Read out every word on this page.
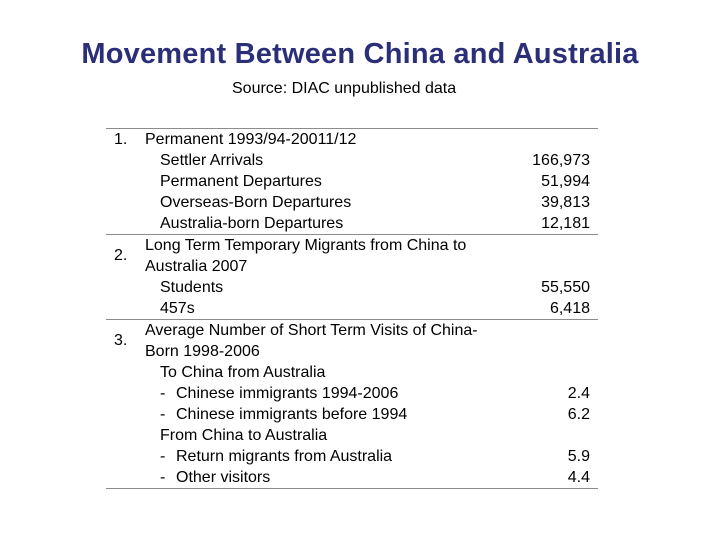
Movement Between China and Australia
Source: DIAC unpublished data
1. Permanent 1993/94-20011/12
Settler Arrivals	166,973
Permanent Departures	51,994
Overseas-Born Departures	39,813
Australia-born Departures	12,181
2.
Long Term Temporary Migrants from China to
Australia 2007
Students	55,550
457s	6,418
3.
Average Number of Short Term Visits of China-
Born 1998-2006
To China from Australia
- Chinese immigrants 1994-2006	2.4
- Chinese immigrants before 1994	6.2
From China to Australia
- Return migrants from Australia	5.9
- Other visitors	4.4
